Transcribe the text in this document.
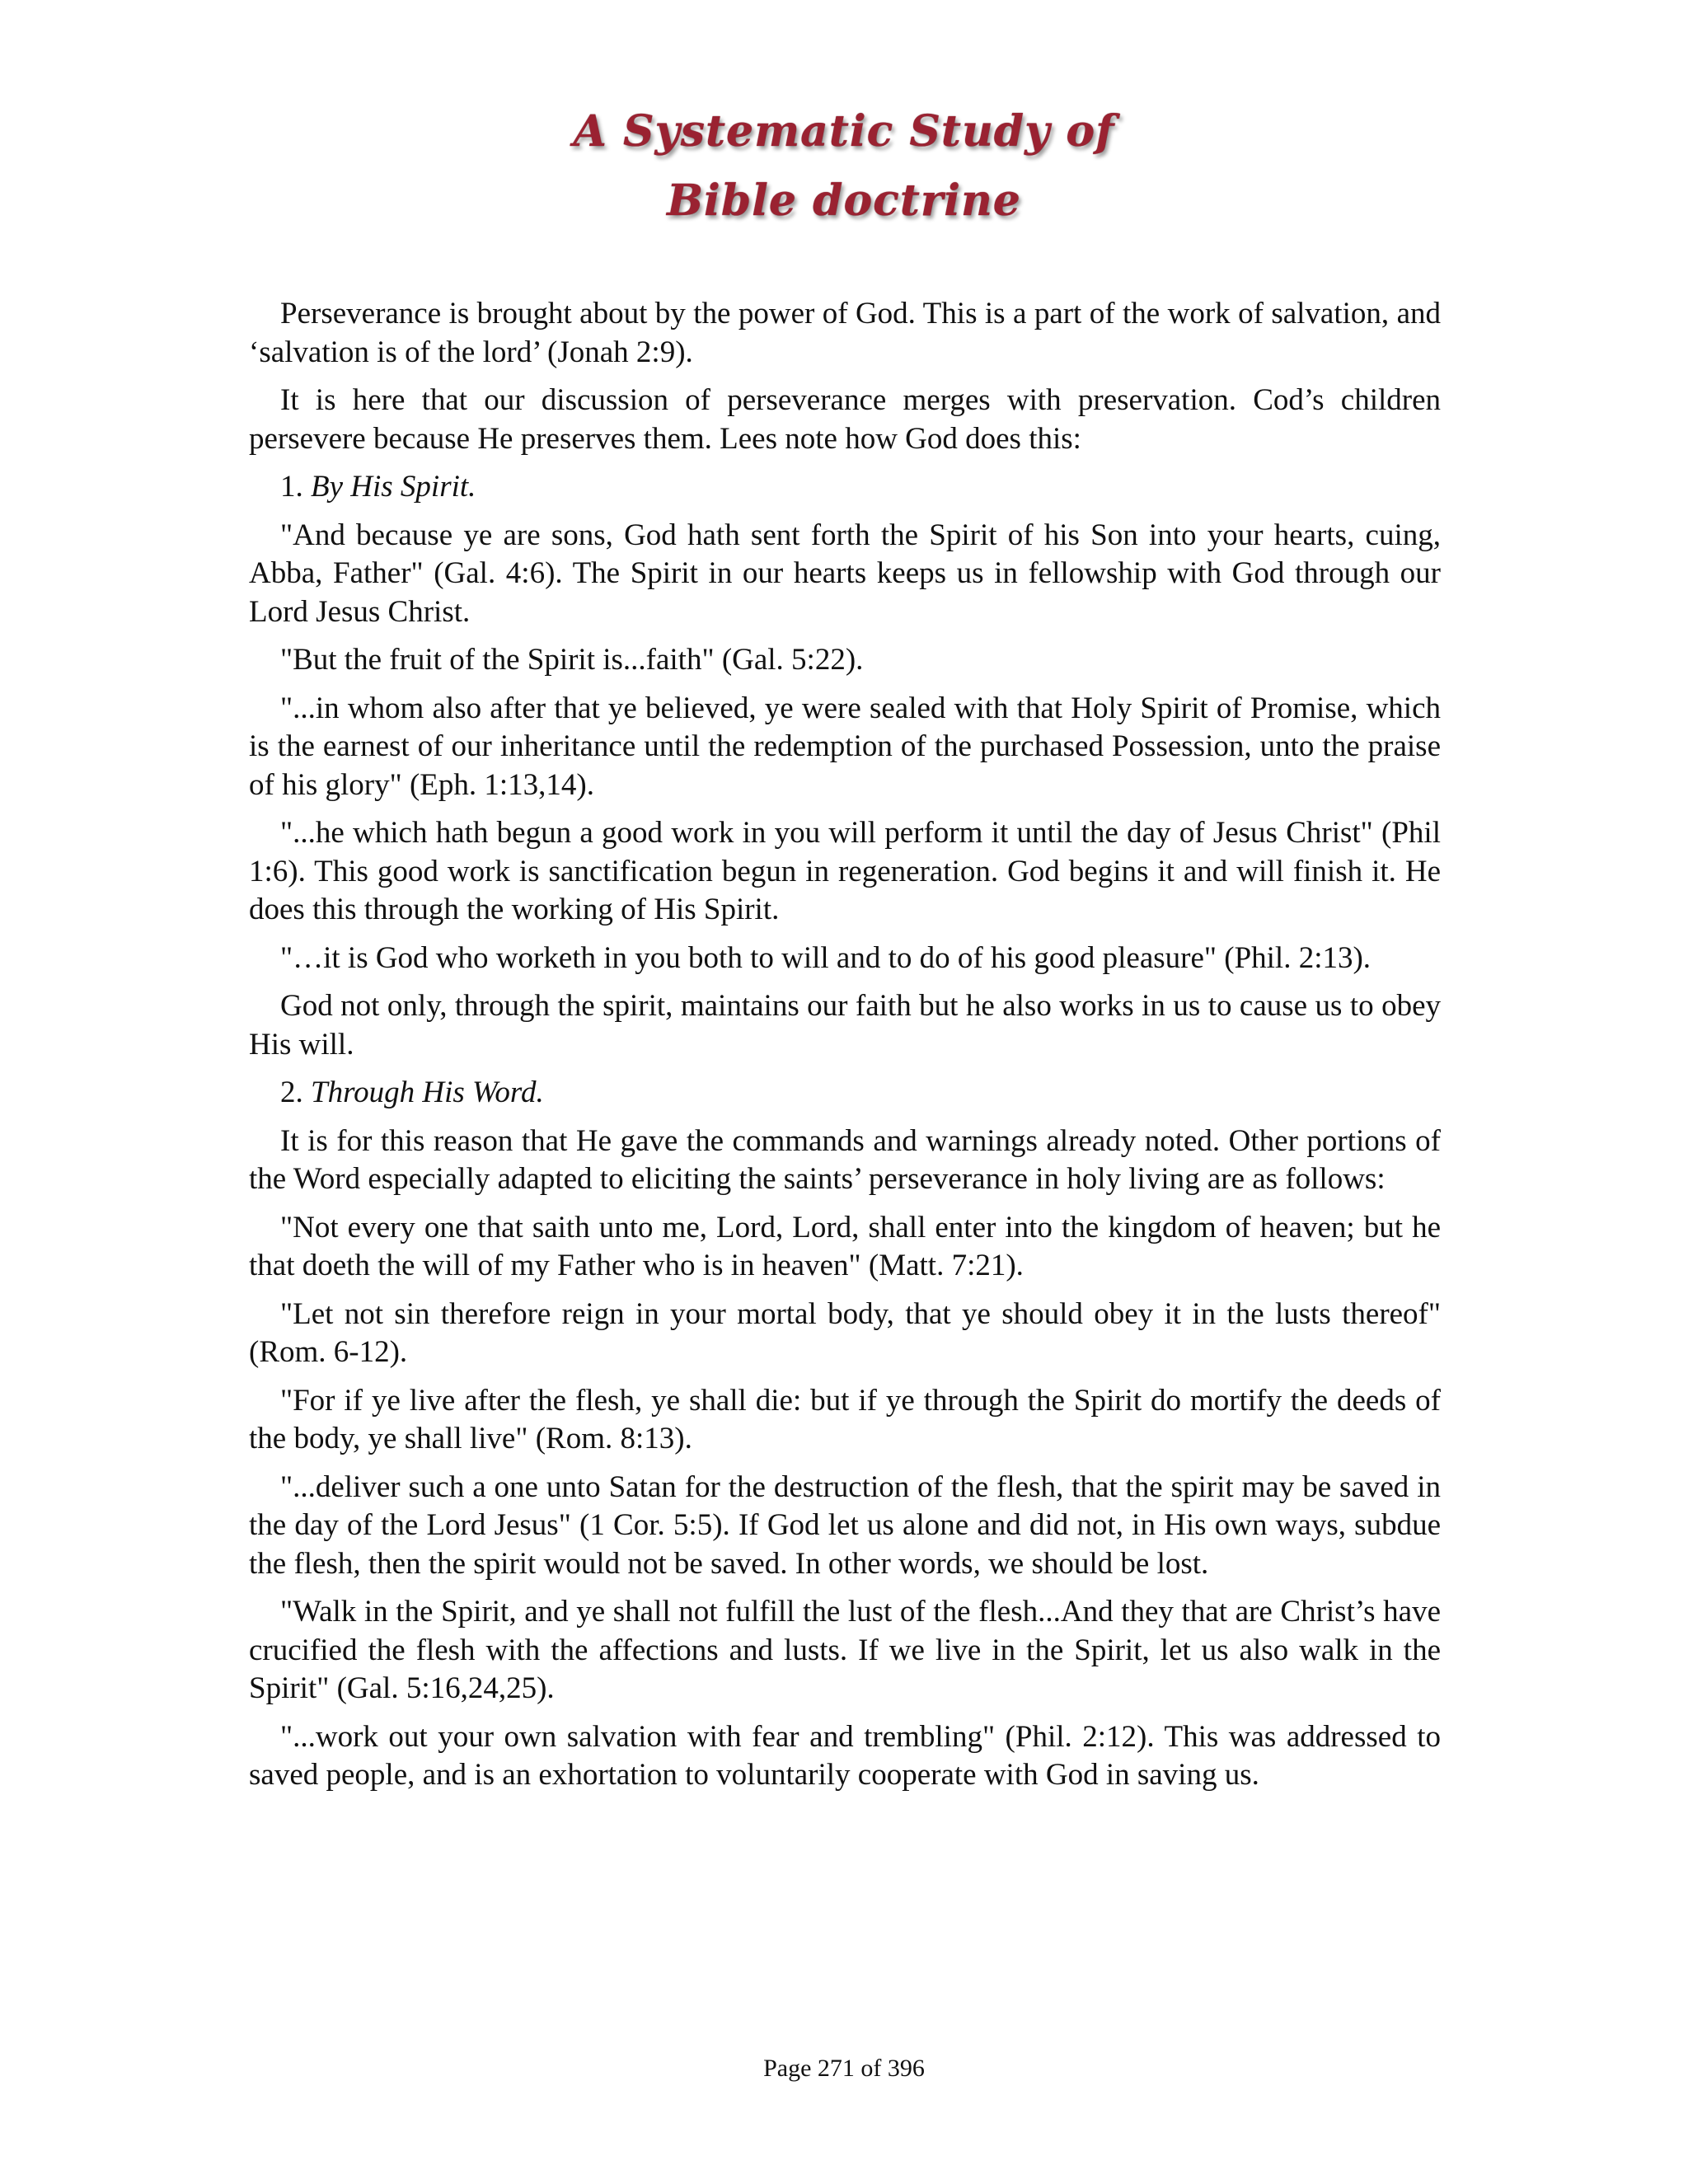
A Systematic Study of
Bible doctrine

Perseverance is brought about by the power of God. This is a part of the work of salvation, and ‘salvation is of the lord’ (Jonah 2:9).

It is here that our discussion of perseverance merges with preservation. Cod’s children persevere because He preserves them. Lees note how God does this:

1. By His Spirit.

"And because ye are sons, God hath sent forth the Spirit of his Son into your hearts, cuing, Abba, Father" (Gal. 4:6). The Spirit in our hearts keeps us in fellowship with God through our Lord Jesus Christ.

"But the fruit of the Spirit is...faith" (Gal. 5:22).

"...in whom also after that ye believed, ye were sealed with that Holy Spirit of Promise, which is the earnest of our inheritance until the redemption of the purchased Possession, unto the praise of his glory" (Eph. 1:13,14).

"...he which hath begun a good work in you will perform it until the day of Jesus Christ" (Phil 1:6). This good work is sanctification begun in regeneration. God begins it and will finish it. He does this through the working of His Spirit.

"…it is God who worketh in you both to will and to do of his good pleasure" (Phil. 2:13).

God not only, through the spirit, maintains our faith but he also works in us to cause us to obey His will.

2. Through His Word.

It is for this reason that He gave the commands and warnings already noted. Other portions of the Word especially adapted to eliciting the saints’ perseverance in holy living are as follows:

"Not every one that saith unto me, Lord, Lord, shall enter into the kingdom of heaven; but he that doeth the will of my Father who is in heaven" (Matt. 7:21).

"Let not sin therefore reign in your mortal body, that ye should obey it in the lusts thereof" (Rom. 6-12).

"For if ye live after the flesh, ye shall die: but if ye through the Spirit do mortify the deeds of the body, ye shall live" (Rom. 8:13).

"...deliver such a one unto Satan for the destruction of the flesh, that the spirit may be saved in the day of the Lord Jesus" (1 Cor. 5:5). If God let us alone and did not, in His own ways, subdue the flesh, then the spirit would not be saved. In other words, we should be lost.

"Walk in the Spirit, and ye shall not fulfill the lust of the flesh...And they that are Christ’s have crucified the flesh with the affections and lusts. If we live in the Spirit, let us also walk in the Spirit" (Gal. 5:16,24,25).

"...work out your own salvation with fear and trembling" (Phil. 2:12). This was addressed to saved people, and is an exhortation to voluntarily cooperate with God in saving us.

Page 271 of 396
